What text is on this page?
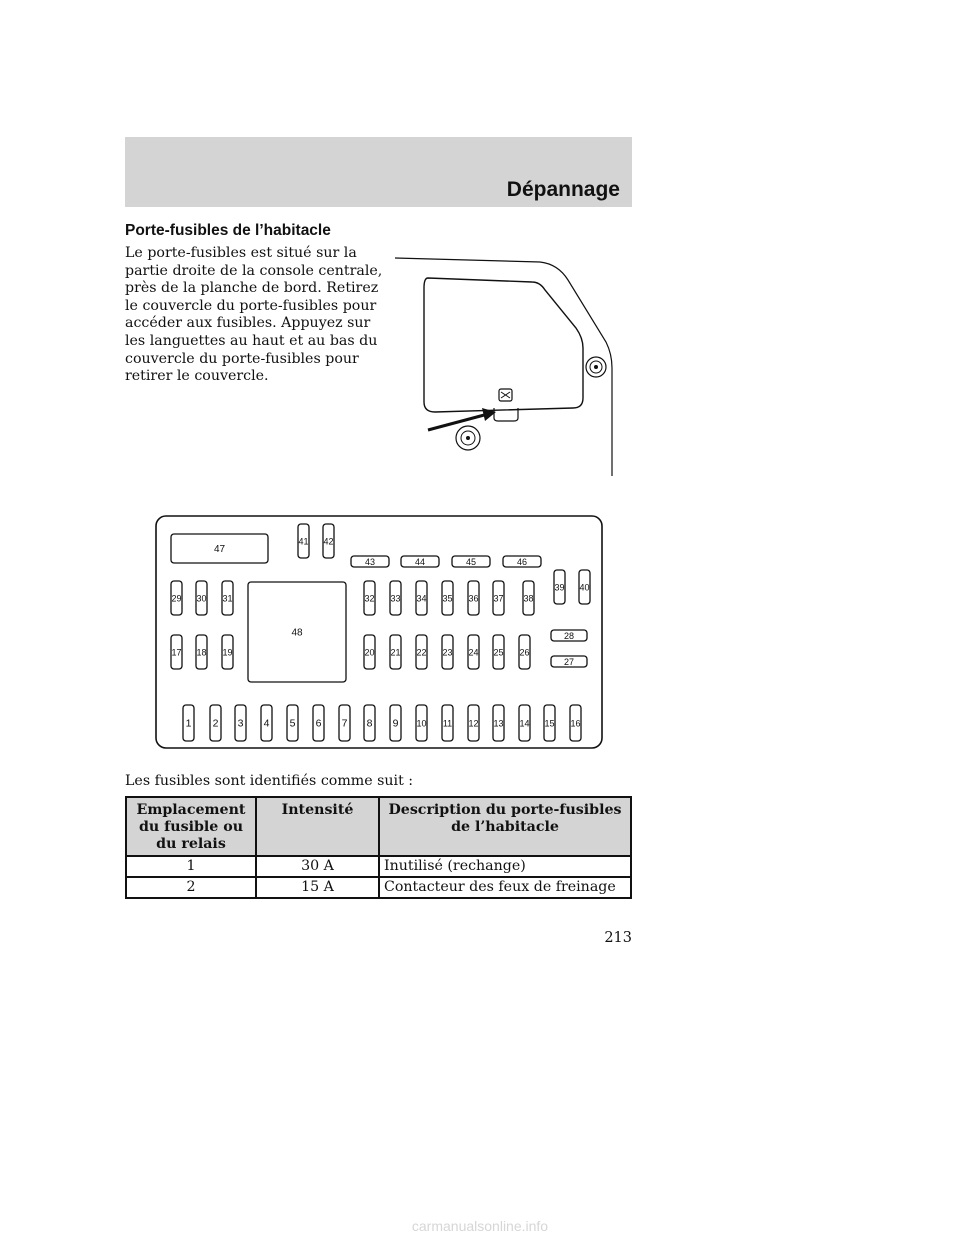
Dépannage
Porte-fusibles de l’habitacle

Le porte-fusibles est situé sur la partie droite de la console centrale, près de la planche de bord. Retirez le couvercle du porte-fusibles pour accéder aux fusibles. Appuyez sur les languettes au haut et au bas du couvercle du porte-fusibles pour retirer le couvercle.

1 2 3 4 5 6 7 8 9 10 11 12 13 14 15 16
17 18 19	20 21 22 23 24 25 26
27
28
29 30 31	32 33 34 35 36 37 38
39 40
41 42
43	44	45	46
47
48
Les fusibles sont identifiés comme suit :
Emplacement du fusible ou du relais	Intensité	Description du porte-fusibles de l’habitacle
1	30 A	Inutilisé (rechange)
2	15 A	Contacteur des feux de freinage
213
carmanualsonline.info
